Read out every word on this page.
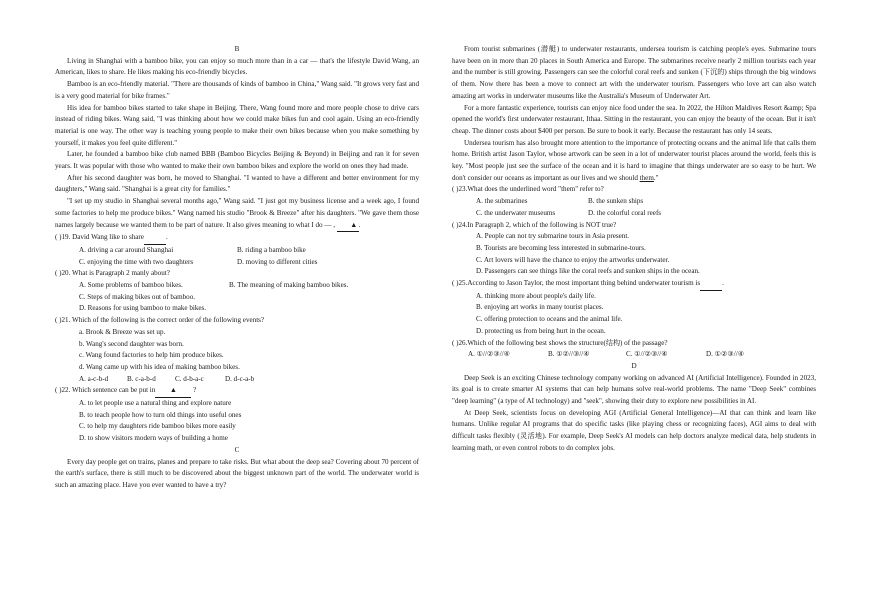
B

Living in Shanghai with a bamboo bike, you can enjoy so much more than in a car — that's the lifestyle David Wang, an American, likes to share. He likes making his eco-friendly bicycles.

Bamboo is an eco-friendly material. "There are thousands of kinds of bamboo in China," Wang said. "It grows very fast and is a very good material for bike frames."

His idea for bamboo bikes started to take shape in Beijing. There, Wang found more and more people chose to drive cars instead of riding bikes. Wang said, "I was thinking about how we could make bikes fun and cool again. Using an eco-friendly material is one way. The other way is teaching young people to make their own bikes because when you make something by yourself, it makes you feel quite different."

Later, he founded a bamboo bike club named BBB (Bamboo Bicycles Beijing & Beyond) in Beijing and ran it for seven years. It was popular with those who wanted to make their own bamboo bikes and explore the world on ones they had made.

After his second daughter was born, he moved to Shanghai. "I wanted to have a different and better environment for my daughters," Wang said. "Shanghai is a great city for families."

"I set up my studio in Shanghai several months ago," Wang said. "I just got my business license and a week ago, I found some factories to help me produce bikes." Wang named his studio "Brook & Breeze" after his daughters. "We gave them those names largely because we wanted them to be part of nature. It also gives meaning to what I do — , ▲.

( )19. David Wang like to share	.

A. driving a car around Shanghai	B. riding a bamboo bike
C. enjoying the time with two daughters	D. moving to different cities

( )20. What is Paragraph 2 manly about?

A. Some problems of bamboo bikes.	B. The meaning of making bamboo bikes.

C. Steps of making bikes out of bamboo.

D. Reasons for using bamboo to make bikes.

( )21. Which of the following is the correct order of the following events?

a. Brook & Breeze was set up.

b. Wang's second daughter was born.

c. Wang found factories to help him produce bikes.

d. Wang came up with his idea of making bamboo bikes.

A. a-c-b-d	B. c-a-b-d	C. d-b-a-c	D. d-c-a-b

( )22. Which sentence can be put in ▲ ?

A. to let people use a natural thing and explore nature

B. to teach people how to turn old things into useful ones

C. to help my daughters ride bamboo bikes more easily

D. to show visitors modern ways of building a home

C

Every day people get on trains, planes and prepare to take risks. But what about the deep sea? Covering about 70 percent of the earth's surface, there is still much to be discovered about the biggest unknown part of the world. The underwater world is such an amazing place. Have you ever wanted to have a try?

From tourist submarines (潜艇) to underwater restaurants, undersea tourism is catching people's eyes. Submarine tours have been on in more than 20 places in South America and Europe. The submarines receive nearly 2 million tourists each year and the number is still growing. Passengers can see the colorful coral reefs and sunken (下沉的) ships through the big windows of them. Now there has been a move to connect art with the underwater tourism. Passengers who love art can also watch amazing art works in underwater museums like the Australia's Museum of Underwater Art.

For a more fantastic experience, tourists can enjoy nice food under the sea. In 2022, the Hilton Maldives Resort &amp; Spa opened the world's first underwater restaurant, Ithaa. Sitting in the restaurant, you can enjoy the beauty of the ocean. But it isn't cheap. The dinner costs about $400 per person. Be sure to book it early. Because the restaurant has only 14 seats.

Undersea tourism has also brought more attention to the importance of protecting oceans and the animal life that calls them home. British artist Jason Taylor, whose artwork can be seen in a lot of underwater tourist places around the world, feels this is key. "Most people just see the surface of the ocean and it is hard to imagine that things underwater are so easy to be hurt. We don't consider our oceans as important as our lives and we should them."

( )23.What does the underlined word "them" refer to?

A. the submarines	B. the sunken ships
C. the underwater museums	D. the colorful coral reefs

( )24.In Paragraph 2, which of the following is NOT true?

A. People can not try submarine tours in Asia present.

B. Tourists are becoming less interested in submarine-tours.

C. Art lovers will have the chance to enjoy the artworks underwater.

D. Passengers can see things like the coral reefs and sunken ships in the ocean.

( )25.According to Jason Taylor, the most important thing behind underwater tourism is	.

A. thinking more about people's daily life.

B. enjoying art works in many tourist places.

C. offering protection to oceans and the animal life.

D. protecting us from being hurt in the ocean.

( )26.Which of the following best shows the structure(结构) of the passage?

A. ①//②③//④	B. ①②//③//④	C. ①//②③//④	D. ①②③//④
D

Deep Seek is an exciting Chinese technology company working on advanced AI (Artificial Intelligence). Founded in 2023, its goal is to create smarter AI systems that can help humans solve real-world problems. The name "Deep Seek" combines "deep learning" (a type of AI technology) and "seek", showing their duty to explore new possibilities in AI.

At Deep Seek, scientists focus on developing AGI (Artificial General Intelligence)—AI that can think and learn like humans. Unlike regular AI programs that do specific tasks (like playing chess or recognizing faces), AGI aims to deal with difficult tasks flexibly (灵活地). For example, Deep Seek's AI models can help doctors analyze medical data, help students in learning math, or even control robots to do complex jobs.
